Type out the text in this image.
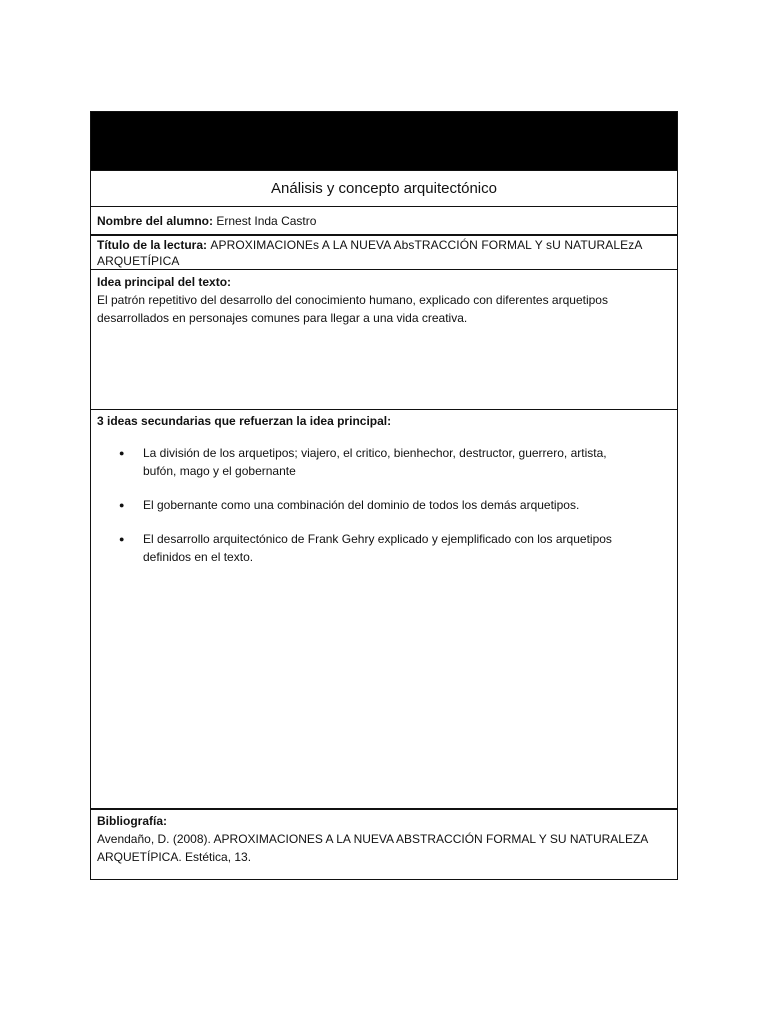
Análisis y concepto arquitectónico
Nombre del alumno:
Ernest Inda Castro
Título de la lectura: APROXIMACIONEs A LA NUEVA AbsTRACCIÓN FORMAL Y sU NATURALEzA ARQUETÍPICA
Idea principal del texto:
El patrón repetitivo del desarrollo del conocimiento humano, explicado con diferentes arquetipos desarrollados en personajes comunes para llegar a una vida creativa.
3 ideas secundarias que refuerzan la idea principal:
● La división de los arquetipos; viajero, el critico, bienhechor, destructor, guerrero, artista, bufón, mago y el gobernante
● El gobernante como una combinación del dominio de todos los demás arquetipos.
● El desarrollo arquitectónico de Frank Gehry explicado y ejemplificado con los arquetipos definidos en el texto.
Bibliografía:
Avendaño, D. (2008). APROXIMACIONES A LA NUEVA ABSTRACCIÓN FORMAL Y SU NATURALEZA ARQUETÍPICA. Estética, 13.
